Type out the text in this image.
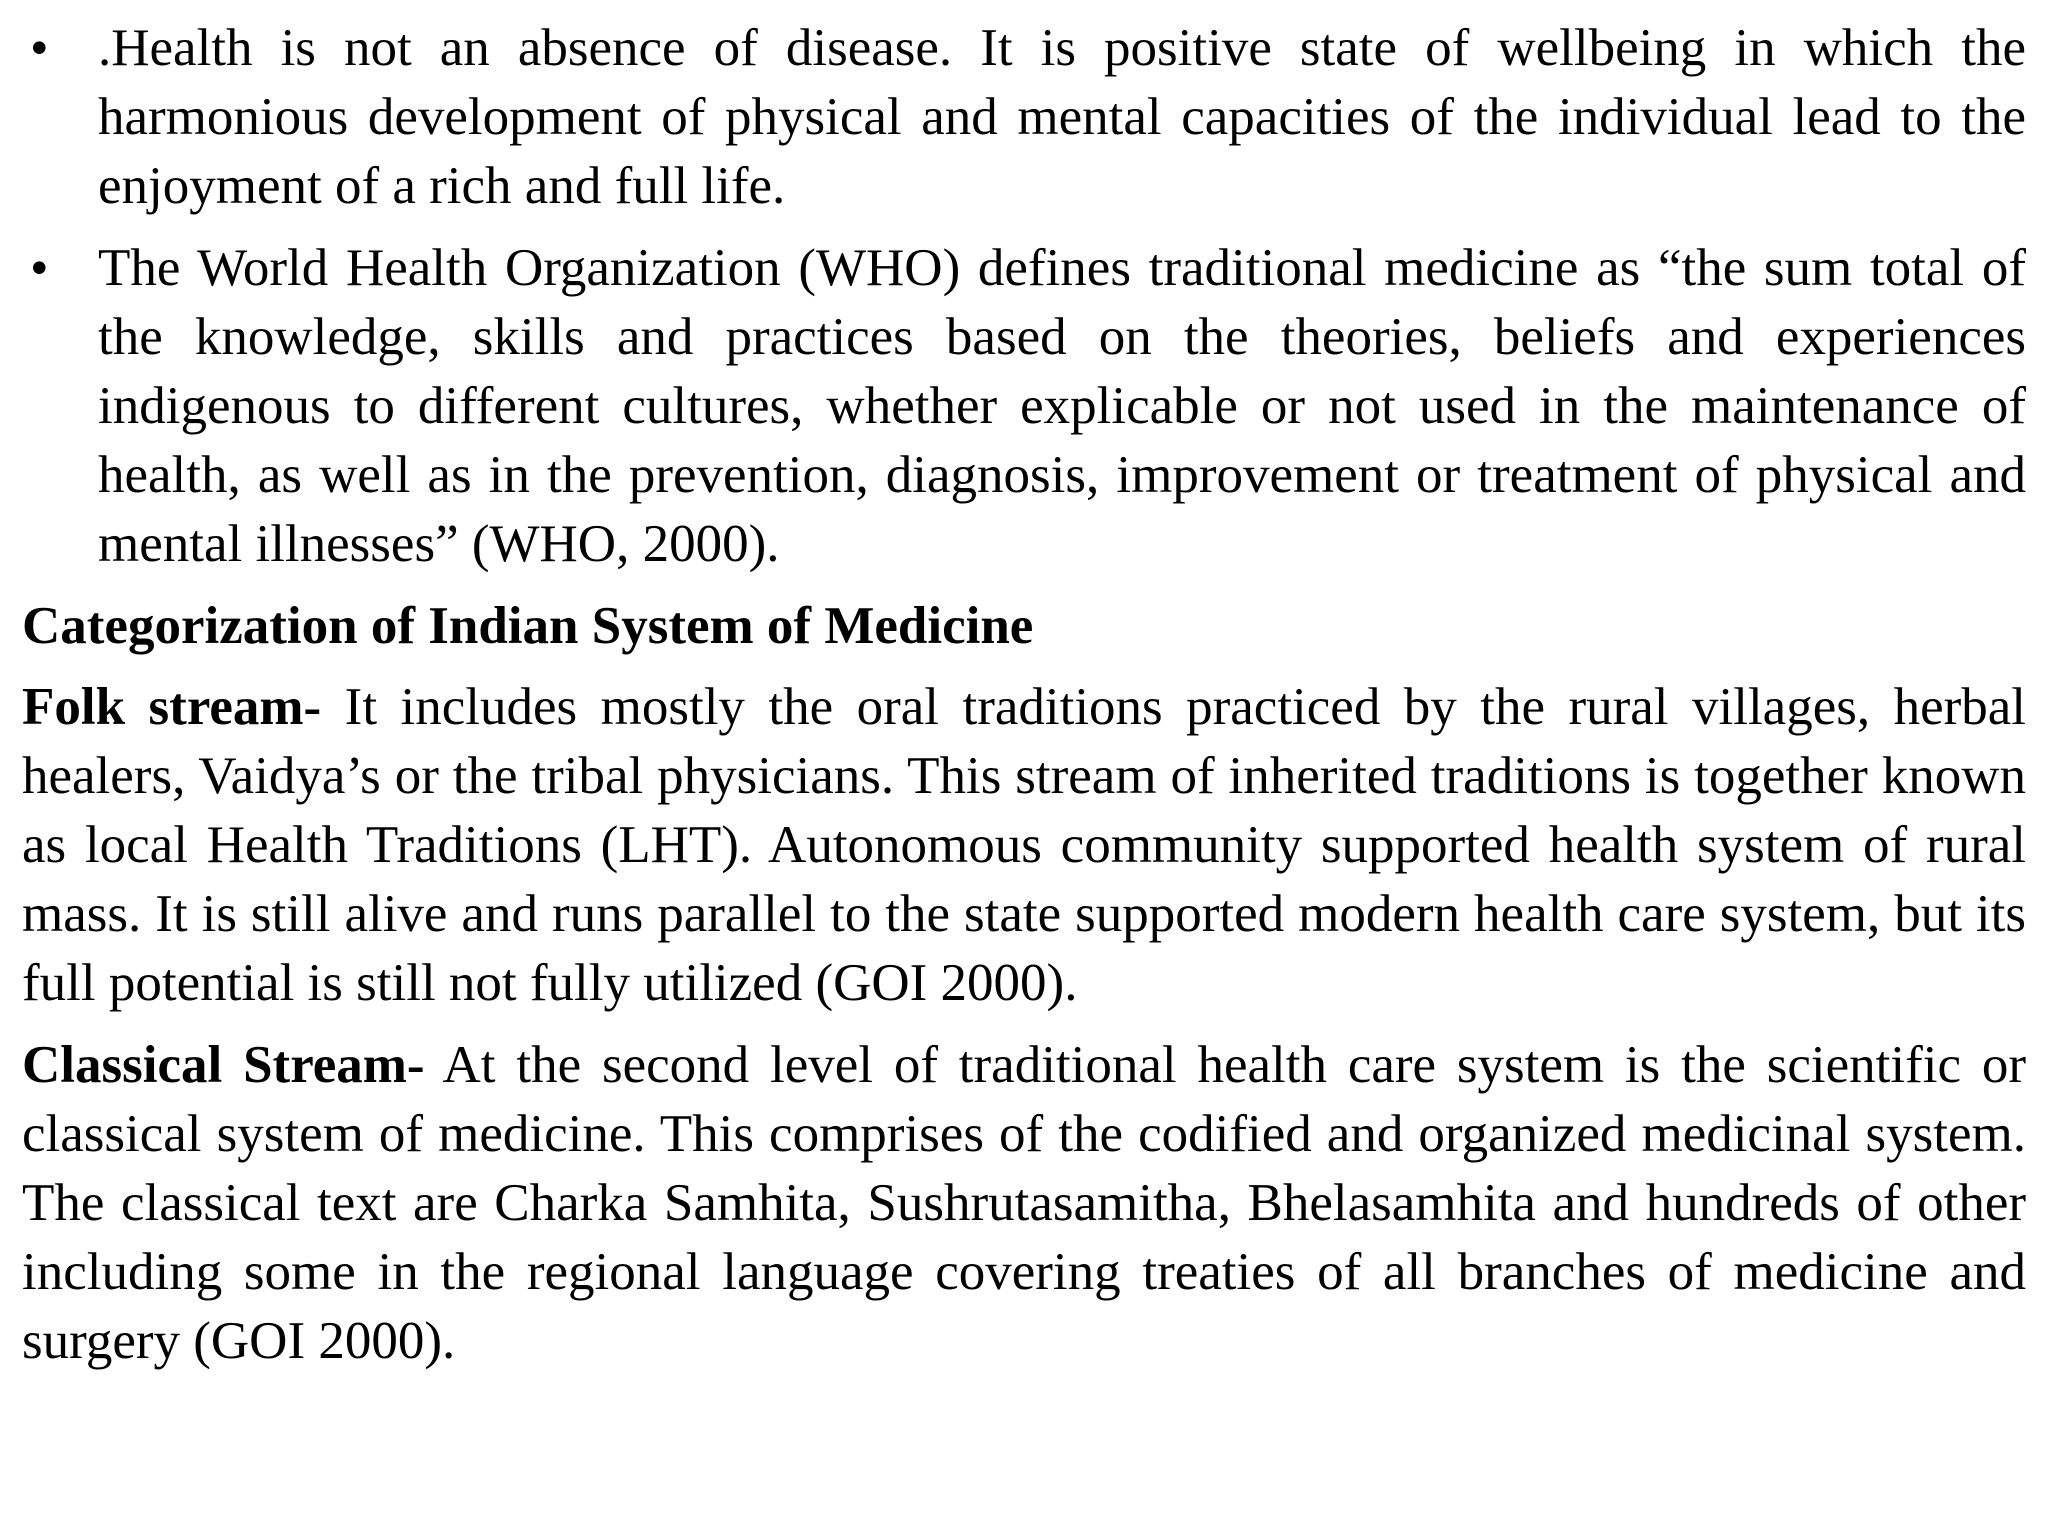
• .Health is not an absence of disease. It is positive state of wellbeing in which the harmonious development of physical and mental capacities of the individual lead to the enjoyment of a rich and full life.
• The World Health Organization (WHO) defines traditional medicine as “the sum total of the knowledge, skills and practices based on the theories, beliefs and experiences indigenous to different cultures, whether explicable or not used in the maintenance of health, as well as in the prevention, diagnosis, improvement or treatment of physical and mental illnesses” (WHO, 2000).
Categorization of Indian System of Medicine

Folk stream- It includes mostly the oral traditions practiced by the rural villages, herbal healers, Vaidya’s or the tribal physicians. This stream of inherited traditions is together known as local Health Traditions (LHT). Autonomous community supported health system of rural mass. It is still alive and runs parallel to the state supported modern health care system, but its full potential is still not fully utilized (GOI 2000).

Classical Stream- At the second level of traditional health care system is the scientific or classical system of medicine. This comprises of the codified and organized medicinal system. The classical text are Charka Samhita, Sushrutasamitha, Bhelasamhita and hundreds of other including some in the regional language covering treaties of all branches of medicine and surgery (GOI 2000).
